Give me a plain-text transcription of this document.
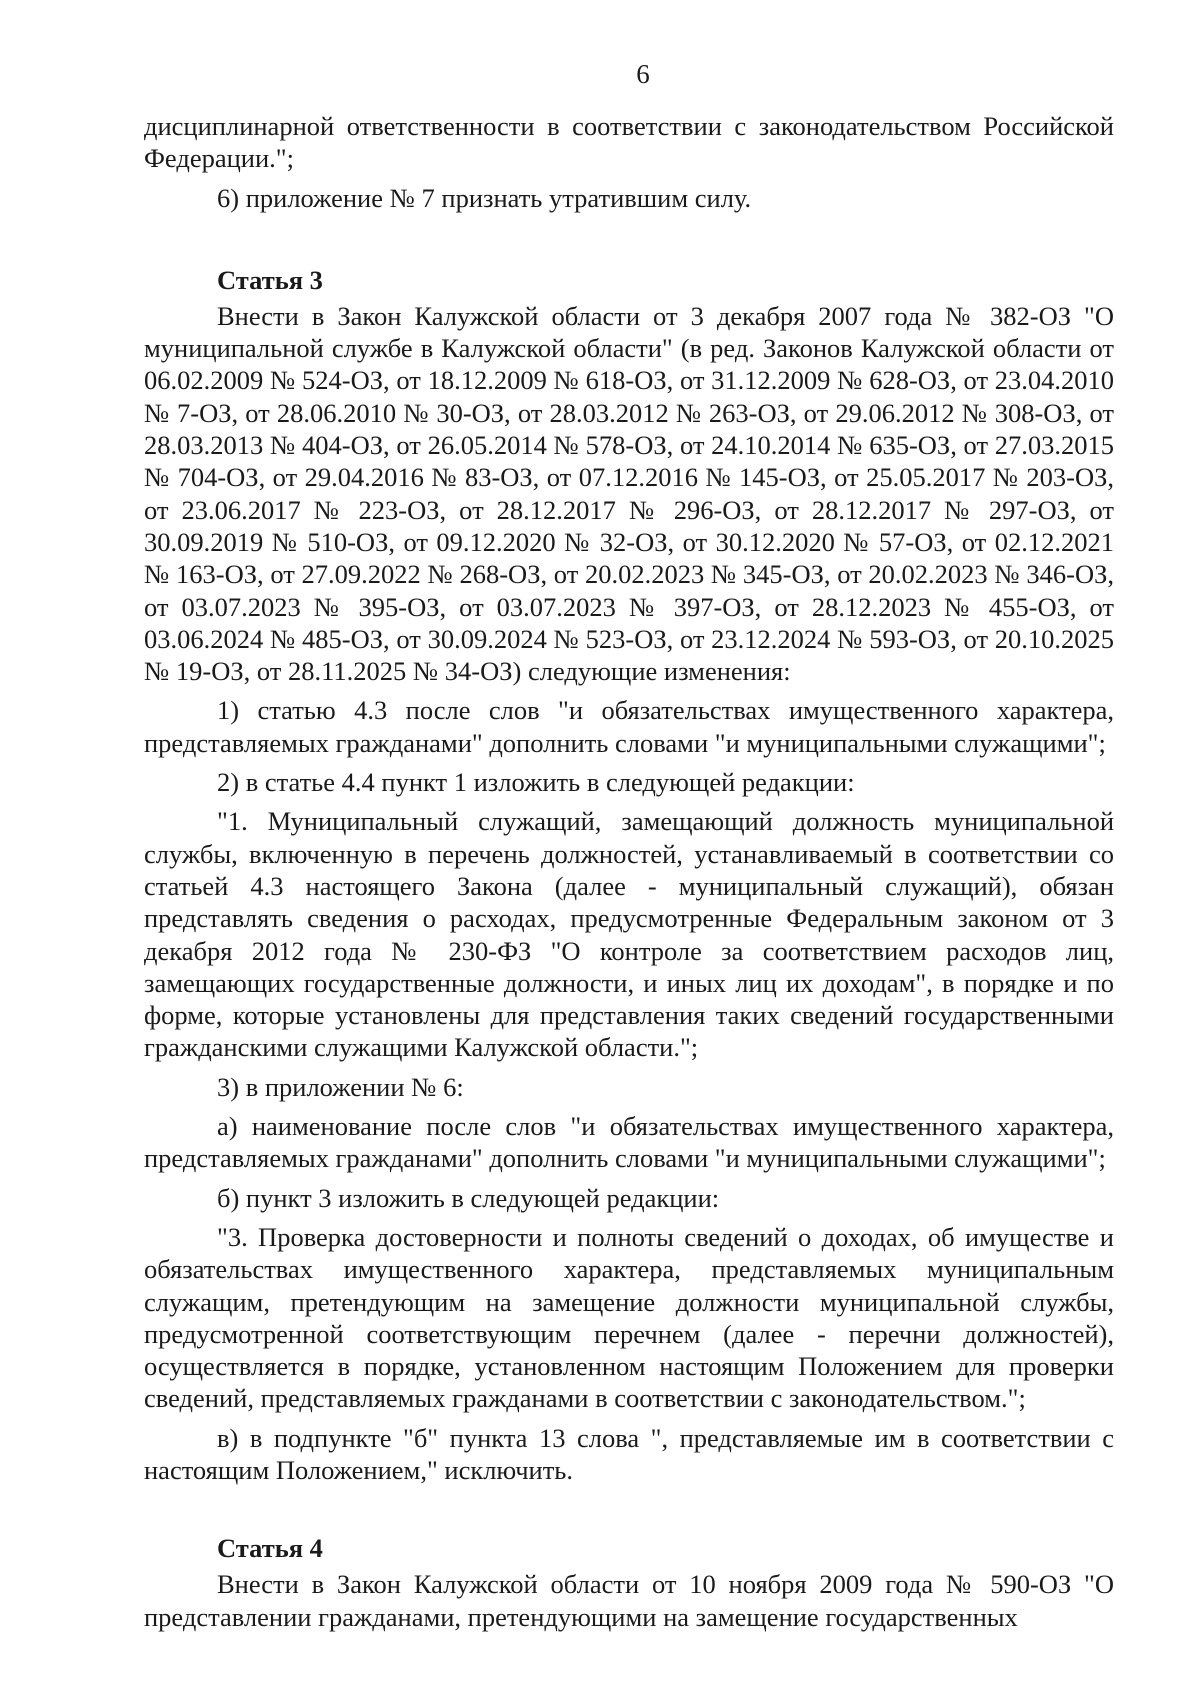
6

дисциплинарной ответственности в соответствии с законодательством Российской Федерации.";

6) приложение № 7 признать утратившим силу.

Статья 3

Внести в Закон Калужской области от 3 декабря 2007 года № 382-ОЗ "О муниципальной службе в Калужской области" (в ред. Законов Калужской области от 06.02.2009 № 524-ОЗ, от 18.12.2009 № 618-ОЗ, от 31.12.2009 № 628-ОЗ, от 23.04.2010 № 7-ОЗ, от 28.06.2010 № 30-ОЗ, от 28.03.2012 № 263-ОЗ, от 29.06.2012 № 308-ОЗ, от 28.03.2013 № 404-ОЗ, от 26.05.2014 № 578-ОЗ, от 24.10.2014 № 635-ОЗ, от 27.03.2015 № 704-ОЗ, от 29.04.2016 № 83-ОЗ, от 07.12.2016 № 145-ОЗ, от 25.05.2017 № 203-ОЗ, от 23.06.2017 № 223-ОЗ, от 28.12.2017 № 296-ОЗ, от 28.12.2017 № 297-ОЗ, от 30.09.2019 № 510-ОЗ, от 09.12.2020 № 32-ОЗ, от 30.12.2020 № 57-ОЗ, от 02.12.2021 № 163-ОЗ, от 27.09.2022 № 268-ОЗ, от 20.02.2023 № 345-ОЗ, от 20.02.2023 № 346-ОЗ, от 03.07.2023 № 395-ОЗ, от 03.07.2023 № 397-ОЗ, от 28.12.2023 № 455-ОЗ, от 03.06.2024 № 485-ОЗ, от 30.09.2024 № 523-ОЗ, от 23.12.2024 № 593-ОЗ, от 20.10.2025 № 19-ОЗ, от 28.11.2025 № 34-ОЗ) следующие изменения:

1) статью 4.3 после слов "и обязательствах имущественного характера, представляемых гражданами" дополнить словами "и муниципальными служащими";

2) в статье 4.4 пункт 1 изложить в следующей редакции:

"1. Муниципальный служащий, замещающий должность муниципальной службы, включенную в перечень должностей, устанавливаемый в соответствии со статьей 4.3 настоящего Закона (далее - муниципальный служащий), обязан представлять сведения о расходах, предусмотренные Федеральным законом от 3 декабря 2012 года № 230-ФЗ "О контроле за соответствием расходов лиц, замещающих государственные должности, и иных лиц их доходам", в порядке и по форме, которые установлены для представления таких сведений государственными гражданскими служащими Калужской области.";

3) в приложении № 6:

а) наименование после слов "и обязательствах имущественного характера, представляемых гражданами" дополнить словами "и муниципальными служащими";

б) пункт 3 изложить в следующей редакции:

"3. Проверка достоверности и полноты сведений о доходах, об имуществе и обязательствах имущественного характера, представляемых муниципальным служащим, претендующим на замещение должности муниципальной службы, предусмотренной соответствующим перечнем (далее - перечни должностей), осуществляется в порядке, установленном настоящим Положением для проверки сведений, представляемых гражданами в соответствии с законодательством.";

в) в подпункте "б" пункта 13 слова ", представляемые им в соответствии с настоящим Положением," исключить.

Статья 4

Внести в Закон Калужской области от 10 ноября 2009 года № 590-ОЗ "О представлении гражданами, претендующими на замещение государственных
